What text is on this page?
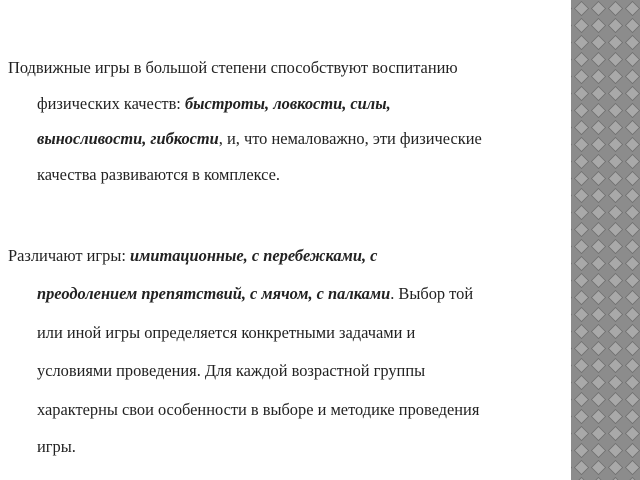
Подвижные игры в большой степени способствуют воспитанию
физических качеств: быстроты, ловкости, силы,
выносливости, гибкости, и, что немаловажно, эти физические
качества развиваются в комплексе.
Различают игры: имитационные, с перебежками, с
преодолением препятствий, с мячом, с палками. Выбор той
или иной игры определяется конкретными задачами и
условиями проведения. Для каждой возрастной группы
характерны свои особенности в выборе и методике проведения
игры.
